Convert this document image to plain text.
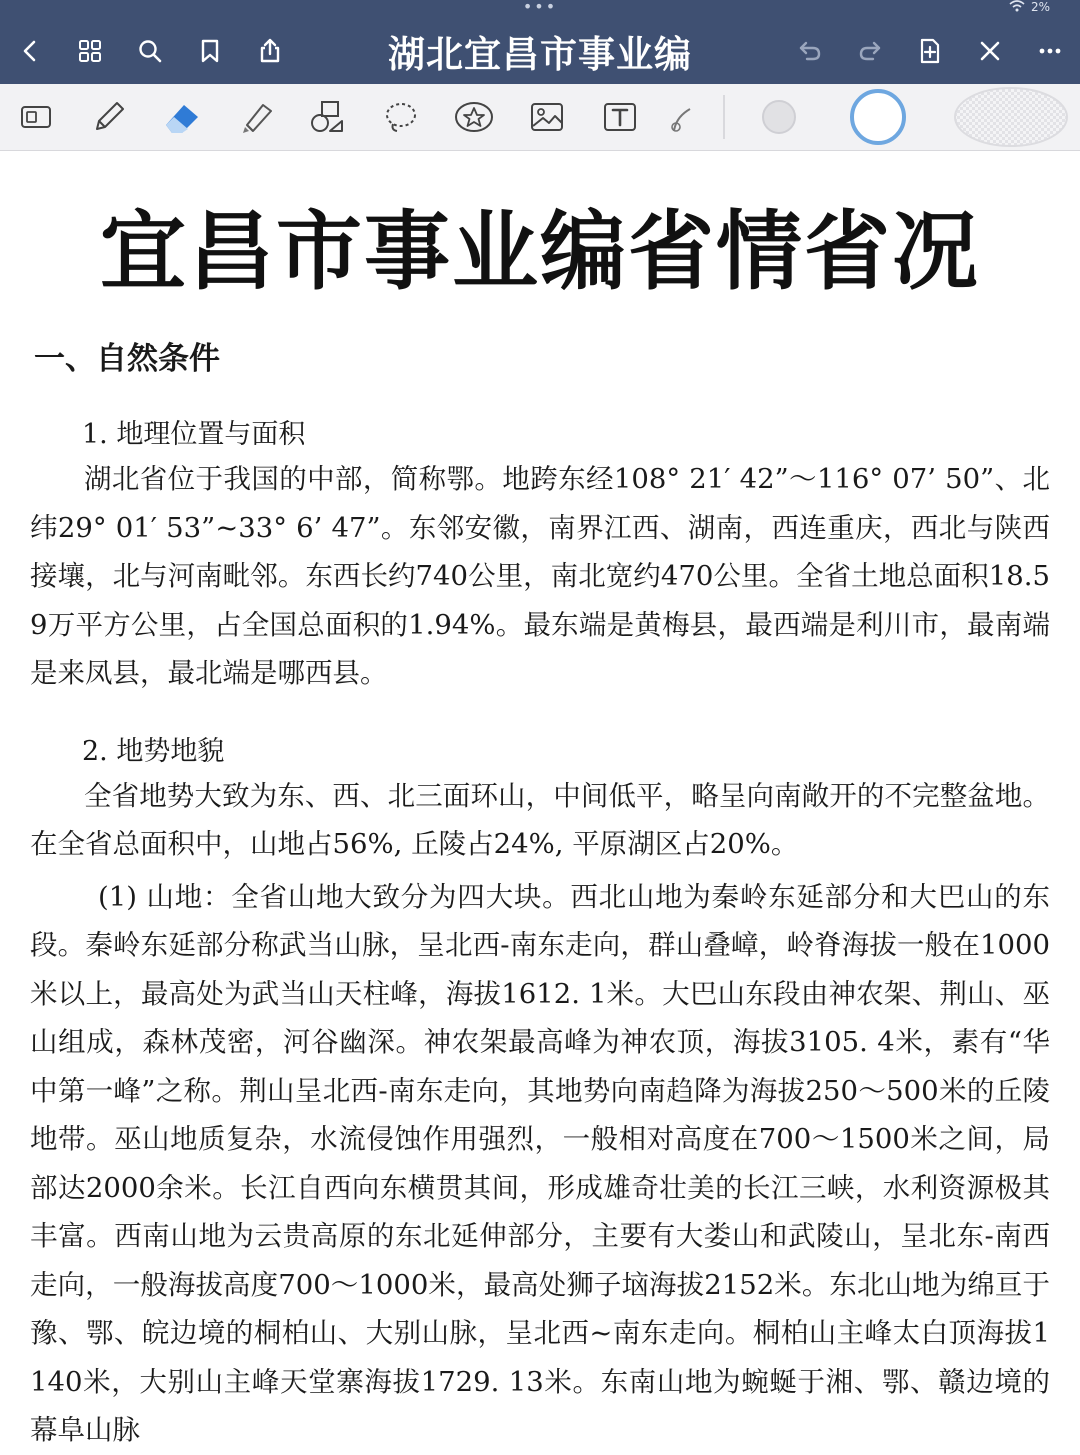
•••	2%
湖北宜昌市事业编
宜昌市事业编省情省况
一、自然条件
1. 地理位置与面积

湖北省位于我国的中部，简称鄂。地跨东经108° 21′ 42”～116° 07’ 50”、北纬29° 01′ 53”~33° 6’ 47”。东邻安徽，南界江西、湖南，西连重庆，西北与陕西接壤，北与河南毗邻。东西长约740公里，南北宽约470公里。全省土地总面积18.59万平方公里，占全国总面积的1.94%。最东端是黄梅县，最西端是利川市，最南端是来凤县，最北端是哪西县。

2. 地势地貌

全省地势大致为东、西、北三面环山，中间低平，略呈向南敞开的不完整盆地。在全省总面积中，山地占56%, 丘陵占24%, 平原湖区占20%。

(1) 山地：全省山地大致分为四大块。西北山地为秦岭东延部分和大巴山的东段。秦岭东延部分称武当山脉，呈北西-南东走向，群山叠嶂，岭脊海拔一般在1000米以上，最高处为武当山天柱峰，海拔1612. 1米。大巴山东段由神农架、荆山、巫山组成，森林茂密，河谷幽深。神农架最高峰为神农顶，海拔3105. 4米，素有“华中第一峰”之称。荆山呈北西-南东走向，其地势向南趋降为海拔250～500米的丘陵地带。巫山地质复杂，水流侵蚀作用强烈，一般相对高度在700～1500米之间，局部达2000余米。长江自西向东横贯其间，形成雄奇壮美的长江三峡，水利资源极其丰富。西南山地为云贵高原的东北延伸部分，主要有大娄山和武陵山，呈北东-南西走向，一般海拔高度700～1000米，最高处狮子垴海拔2152米。东北山地为绵亘于豫、鄂、皖边境的桐柏山、大别山脉，呈北西~南东走向。桐柏山主峰太白顶海拔1140米，大别山主峰天堂寨海拔1729. 13米。东南山地为蜿蜒于湘、鄂、赣边境的幕阜山脉
